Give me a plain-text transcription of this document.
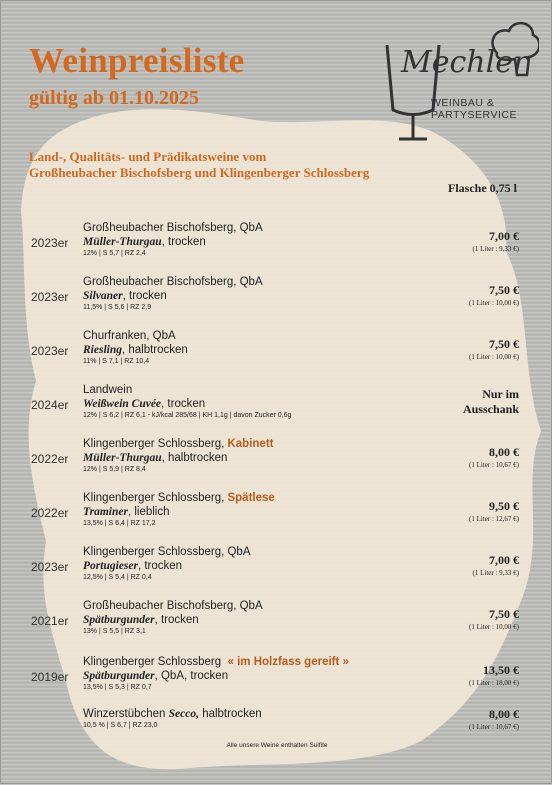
Weinpreisliste
gültig ab 01.10.2025
Mechler
WEINBAU &
PARTYSERVICE
Land-, Qualitäts- und Prädikatsweine vom
Großheubacher Bischofsberg und Klingenberger Schlossberg
Flasche 0,75 l
2023er
Großheubacher Bischofsberg, QbA
Müller-Thurgau, trocken
12% | S 5,7 | RZ 2,4
7,00 €
(1 Liter : 9,33 €)
2023er
Großheubacher Bischofsberg, QbA
Silvaner, trocken
11,5% | S 5,6 | RZ 2,9
7,50 €
(1 Liter : 10,00 €)
2023er
Churfranken, QbA
Riesling, halbtrocken
11% | S 7,1 | RZ 10,4
7,50 €
(1 Liter : 10,00 €)
2024er
Landwein
Weißwein Cuvée, trocken
12% | S 6,2 | RZ 6,1 - kJ/kcal 285/68 | KH 1,1g | davon Zucker 0,6g
Nur im
Ausschank
2022er
Klingenberger Schlossberg, Kabinett
Müller-Thurgau, halbtrocken
12% | S 5,9 | RZ 8,4
8,00 €
(1 Liter : 10,67 €)
2022er
Klingenberger Schlossberg, Spätlese
Traminer, lieblich
13,5% | S 6,4 | RZ 17,2
9,50 €
(1 Liter : 12,67 €)
2023er
Klingenberger Schlossberg, QbA
Portugieser, trocken
12,5% | S 5,4 | RZ 0,4
7,00 €
(1 Liter : 9,33 €)
2021er
Großheubacher Bischofsberg, QbA
Spätburgunder, trocken
13% | S 5,5 | RZ 3,1
7,50 €
(1 Liter : 10,00 €)
2019er
Klingenberger Schlossberg « im Holzfass gereift »
Spätburgunder, QbA, trocken
13,5% | S 5,3 | RZ 0,7
13,50 €
(1 Liter : 18,00 €)
Winzerstübchen Secco, halbtrocken
10,5 % | S 6,7 | RZ 23,0
8,00 €
(1 Liter : 10,67 €)
Alle unsere Weine enthalten Sulfite
